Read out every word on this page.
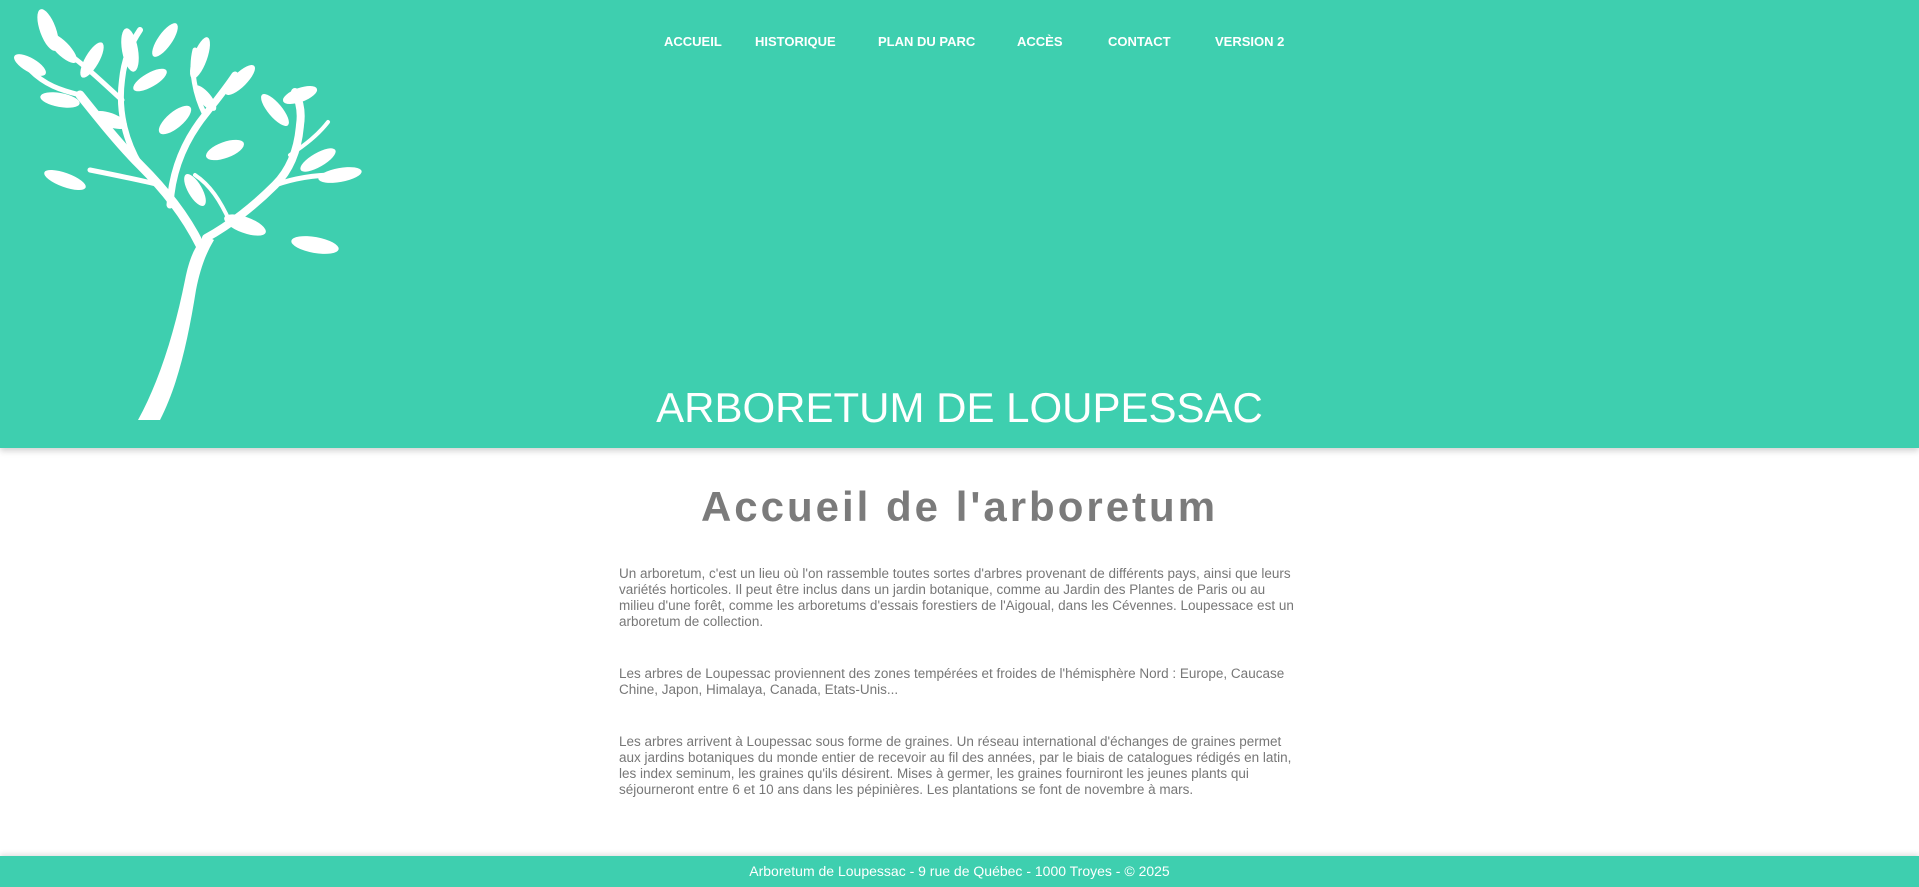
ACCUEIL	HISTORIQUE	PLAN DU PARC	ACCÈS	CONTACT	VERSION 2
ARBORETUM DE LOUPESSAC
Accueil de l'arboretum

Un arboretum, c'est un lieu où l'on rassemble toutes sortes d'arbres provenant de différents pays, ainsi que leurs variétés horticoles. Il peut être inclus dans un jardin botanique, comme au Jardin des Plantes de Paris ou au milieu d'une forêt, comme les arboretums d'essais forestiers de l'Aigoual, dans les Cévennes. Loupessace est un arboretum de collection.

Les arbres de Loupessac proviennent des zones tempérées et froides de l'hémisphère Nord : Europe, Caucase Chine, Japon, Himalaya, Canada, Etats-Unis...

Les arbres arrivent à Loupessac sous forme de graines. Un réseau international d'échanges de graines permet aux jardins botaniques du monde entier de recevoir au fil des années, par le biais de catalogues rédigés en latin, les index seminum, les graines qu'ils désirent. Mises à germer, les graines fourniront les jeunes plants qui séjourneront entre 6 et 10 ans dans les pépinières. Les plantations se font de novembre à mars.

Arboretum de Loupessac - 9 rue de Québec - 1000 Troyes - © 2025
